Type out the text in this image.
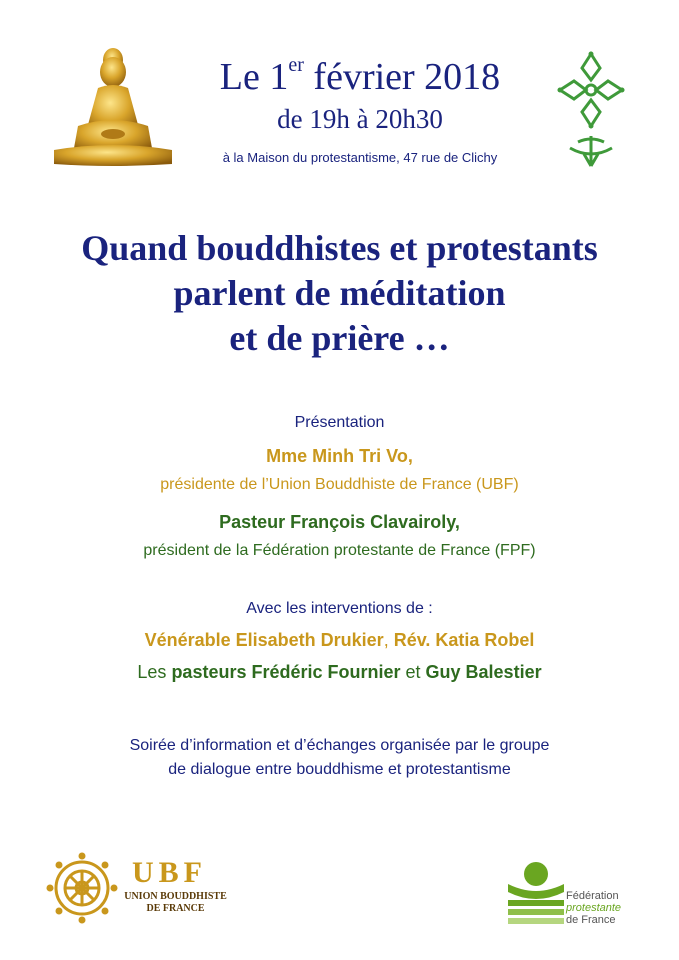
Le 1er février 2018
de 19h à 20h30
à la Maison du protestantisme, 47 rue de Clichy
Quand bouddhistes et protestants
parlent de méditation
et de prière …
Présentation
Mme Minh Tri Vo,
présidente de l’Union Bouddhiste de France (UBF)
Pasteur François Clavairoly,
président de la Fédération protestante de France (FPF)
Avec les interventions de :
Vénérable Elisabeth Drukier, Rév. Katia Robel
Les pasteurs Frédéric Fournier et Guy Balestier
Soirée d’information et d’échanges organisée par le groupe
de dialogue entre bouddhisme et protestantisme
UBF
UNION BOUDDHISTE
DE FRANCE
Fédération
protestante
de France
